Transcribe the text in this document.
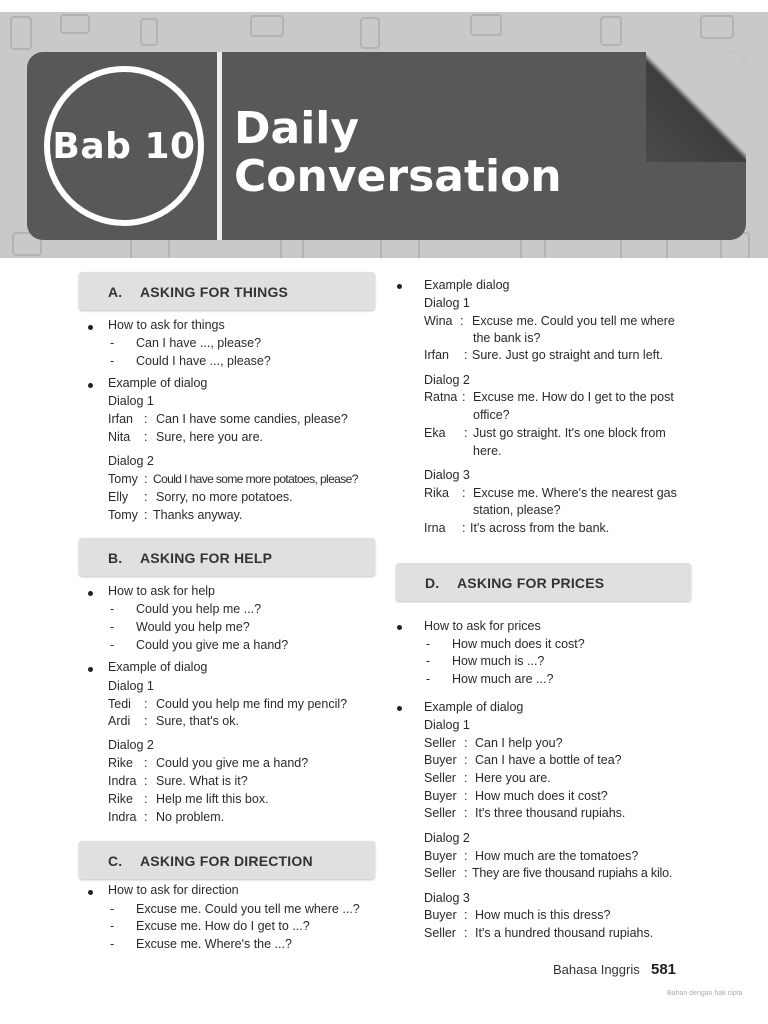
Bab 10 Daily
Conversation
A. ASKING FOR THINGS
How to ask for things
- Can I have ..., please?
- Could I have ..., please?
Example of dialog
Dialog 1
Irfan : Can I have some candies, please?
Nita : Sure, here you are.
Dialog 2
Tomy : Could I have some more potatoes, please?
Elly : Sorry, no more potatoes.
Tomy : Thanks anyway.
B. ASKING FOR HELP
How to ask for help
- Could you help me ...?
- Would you help me?
- Could you give me a hand?
Example of dialog
Dialog 1
Tedi : Could you help me find my pencil?
Ardi : Sure, that's ok.
Dialog 2
Rike : Could you give me a hand?
Indra : Sure. What is it?
Rike : Help me lift this box.
Indra : No problem.
C. ASKING FOR DIRECTION
How to ask for direction
- Excuse me. Could you tell me where ...?
- Excuse me. How do I get to ...?
- Excuse me. Where's the ...?
Example dialog
Dialog 1
Wina : Excuse me. Could you tell me where
the bank is?
Irfan : Sure. Just go straight and turn left.
Dialog 2
Ratna : Excuse me. How do I get to the post
office?
Eka : Just go straight. It's one block from
here.
Dialog 3
Rika : Excuse me. Where's the nearest gas
station, please?
Irna : It's across from the bank.
D. ASKING FOR PRICES
How to ask for prices
- How much does it cost?
- How much is ...?
- How much are ...?
Example of dialog
Dialog 1
Seller : Can I help you?
Buyer : Can I have a bottle of tea?
Seller : Here you are.
Buyer : How much does it cost?
Seller : It's three thousand rupiahs.
Dialog 2
Buyer : How much are the tomatoes?
Seller : They are five thousand rupiahs a kilo.
Dialog 3
Buyer : How much is this dress?
Seller : It's a hundred thousand rupiahs.
Bahasa Inggris 581
Bahan dengan hak cipta
